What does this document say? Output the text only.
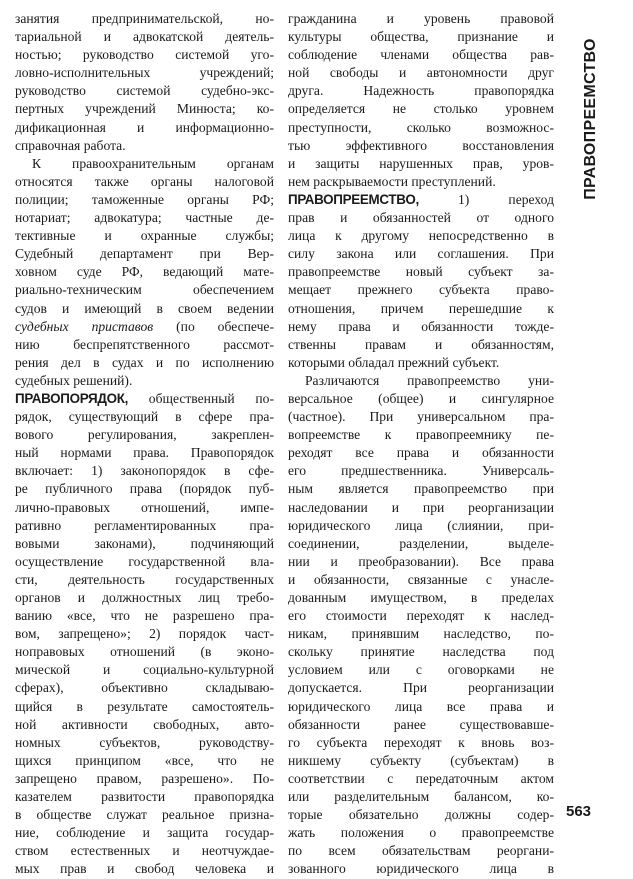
ПРАВОПРЕЕМСТВО
занятия предпринимательской, но-
тариальной и адвокатской деятель-
ностью; руководство системой уго-
ловно-исполнительных учреждений;
руководство системой судебно-экс-
пертных учреждений Минюста; ко-
дификационная и информационно-
справочная работа.
К правоохранительным органам
относятся также органы налоговой
полиции; таможенные органы РФ;
нотариат; адвокатура; частные де-
тективные и охранные службы;
Судебный департамент при Вер-
ховном суде РФ, ведающий мате-
риально-техническим обеспечением
судов и имеющий в своем ведении
судебных приставов (по обеспече-
нию беспрепятственного рассмот-
рения дел в судах и по исполнению
судебных решений).
ПРАВОПОРЯДОК, общественный по-
рядок, существующий в сфере пра-
вового регулирования, закреплен-
ный нормами права. Правопорядок
включает: 1) законопорядок в сфе-
ре публичного права (порядок пуб-
лично-правовых отношений, импе-
ративно регламентированных пра-
вовыми законами), подчиняющий
осуществление государственной вла-
сти, деятельность государственных
органов и должностных лиц требо-
ванию «все, что не разрешено пра-
вом, запрещено»; 2) порядок част-
ноправовых отношений (в эконо-
мической и социально-культурной
сферах), объективно складываю-
щийся в результате самостоятель-
ной активности свободных, авто-
номных субъектов, руководству-
щихся принципом «все, что не
запрещено правом, разрешено». По-
казателем развитости правопорядка
в обществе служат реальное призна-
ние, соблюдение и защита государ-
ством естественных и неотчуждае-
мых прав и свобод человека и
гражданина и уровень правовой
культуры общества, признание и
соблюдение членами общества рав-
ной свободы и автономности друг
друга. Надежность правопорядка
определяется не столько уровнем
преступности, сколько возможнос-
тью эффективного восстановления
и защиты нарушенных прав, уров-
нем раскрываемости преступлений.
ПРАВОПРЕЕМСТВО, 1) переход
прав и обязанностей от одного
лица к другому непосредственно в
силу закона или соглашения. При
правопреемстве новый субъект за-
мещает прежнего субъекта право-
отношения, причем перешедшие к
нему права и обязанности тожде-
ственны правам и обязанностям,
которыми обладал прежний субъект.
Различаются правопреемство уни-
версальное (общее) и сингулярное
(частное). При универсальном пра-
вопреемстве к правопреемнику пе-
реходят все права и обязанности
его предшественника. Универсаль-
ным является правопреемство при
наследовании и при реорганизации
юридического лица (слиянии, при-
соединении, разделении, выделе-
нии и преобразовании). Все права
и обязанности, связанные с унасле-
дованным имуществом, в пределах
его стоимости переходят к наслед-
никам, принявшим наследство, по-
скольку принятие наследства под
условием или с оговорками не
допускается. При реорганизации
юридического лица все права и
обязанности ранее существовавше-
го субъекта переходят к вновь воз-
никшему субъекту (субъектам) в
соответствии с передаточным актом
или разделительным балансом, ко-
торые обязательно должны содер-
жать положения о правопреемстве
по всем обязательствам реоргани-
зованного юридического лица в
563
